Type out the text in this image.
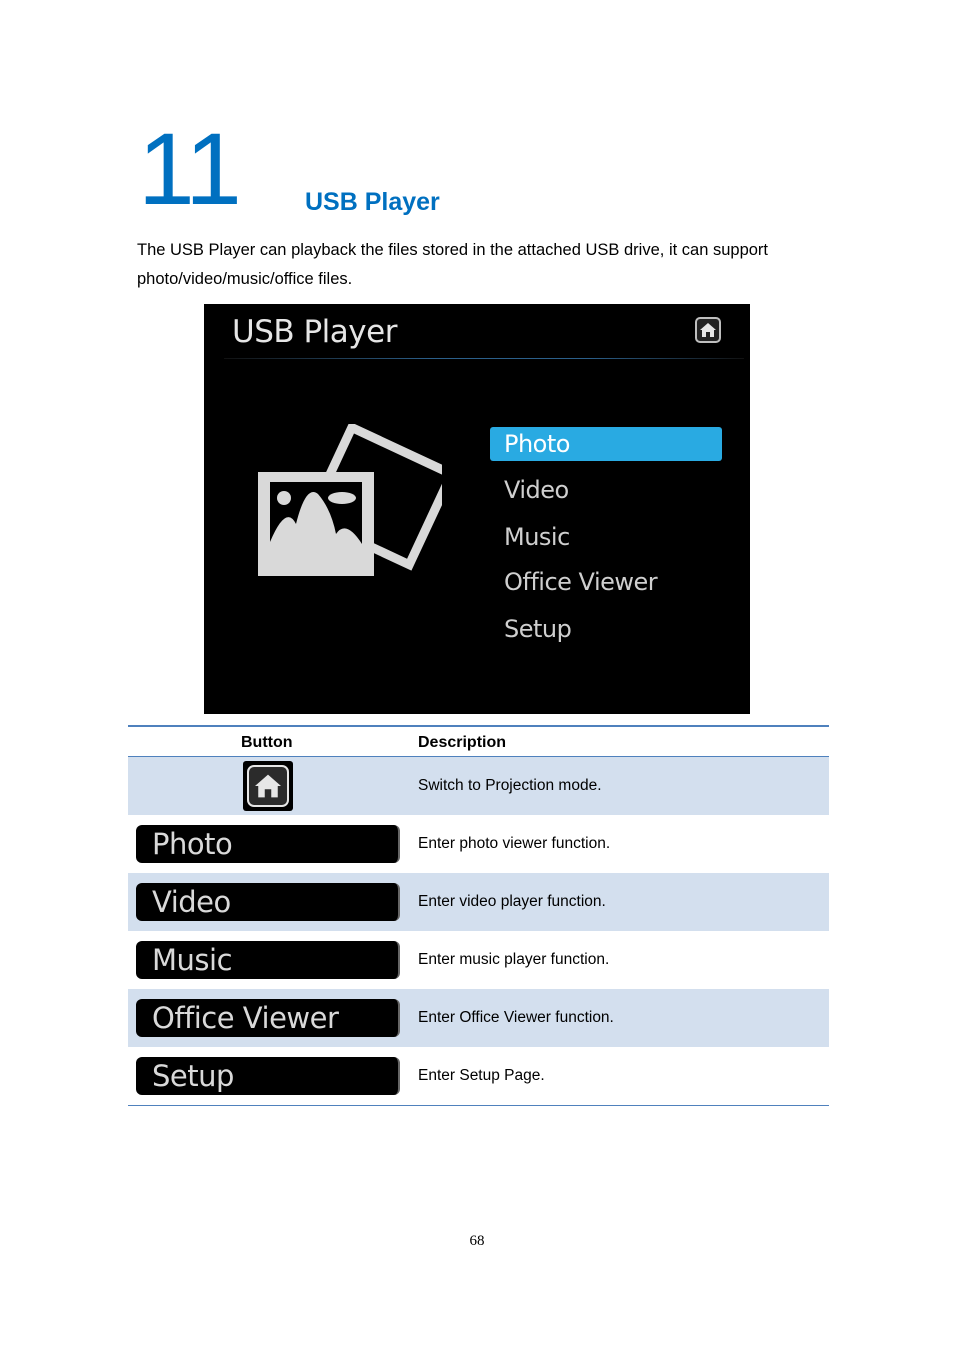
11	USB Player
The USB Player can playback the files stored in the attached USB drive, it can support photo/video/music/office files.
USB Player
Photo
Video
Music
Office Viewer
Setup
Button	Description
Switch to Projection mode.
Photo	Enter photo viewer function.
Video	Enter video player function.
Music	Enter music player function.
Office Viewer	Enter Office Viewer function.
Setup	Enter Setup Page.
68
